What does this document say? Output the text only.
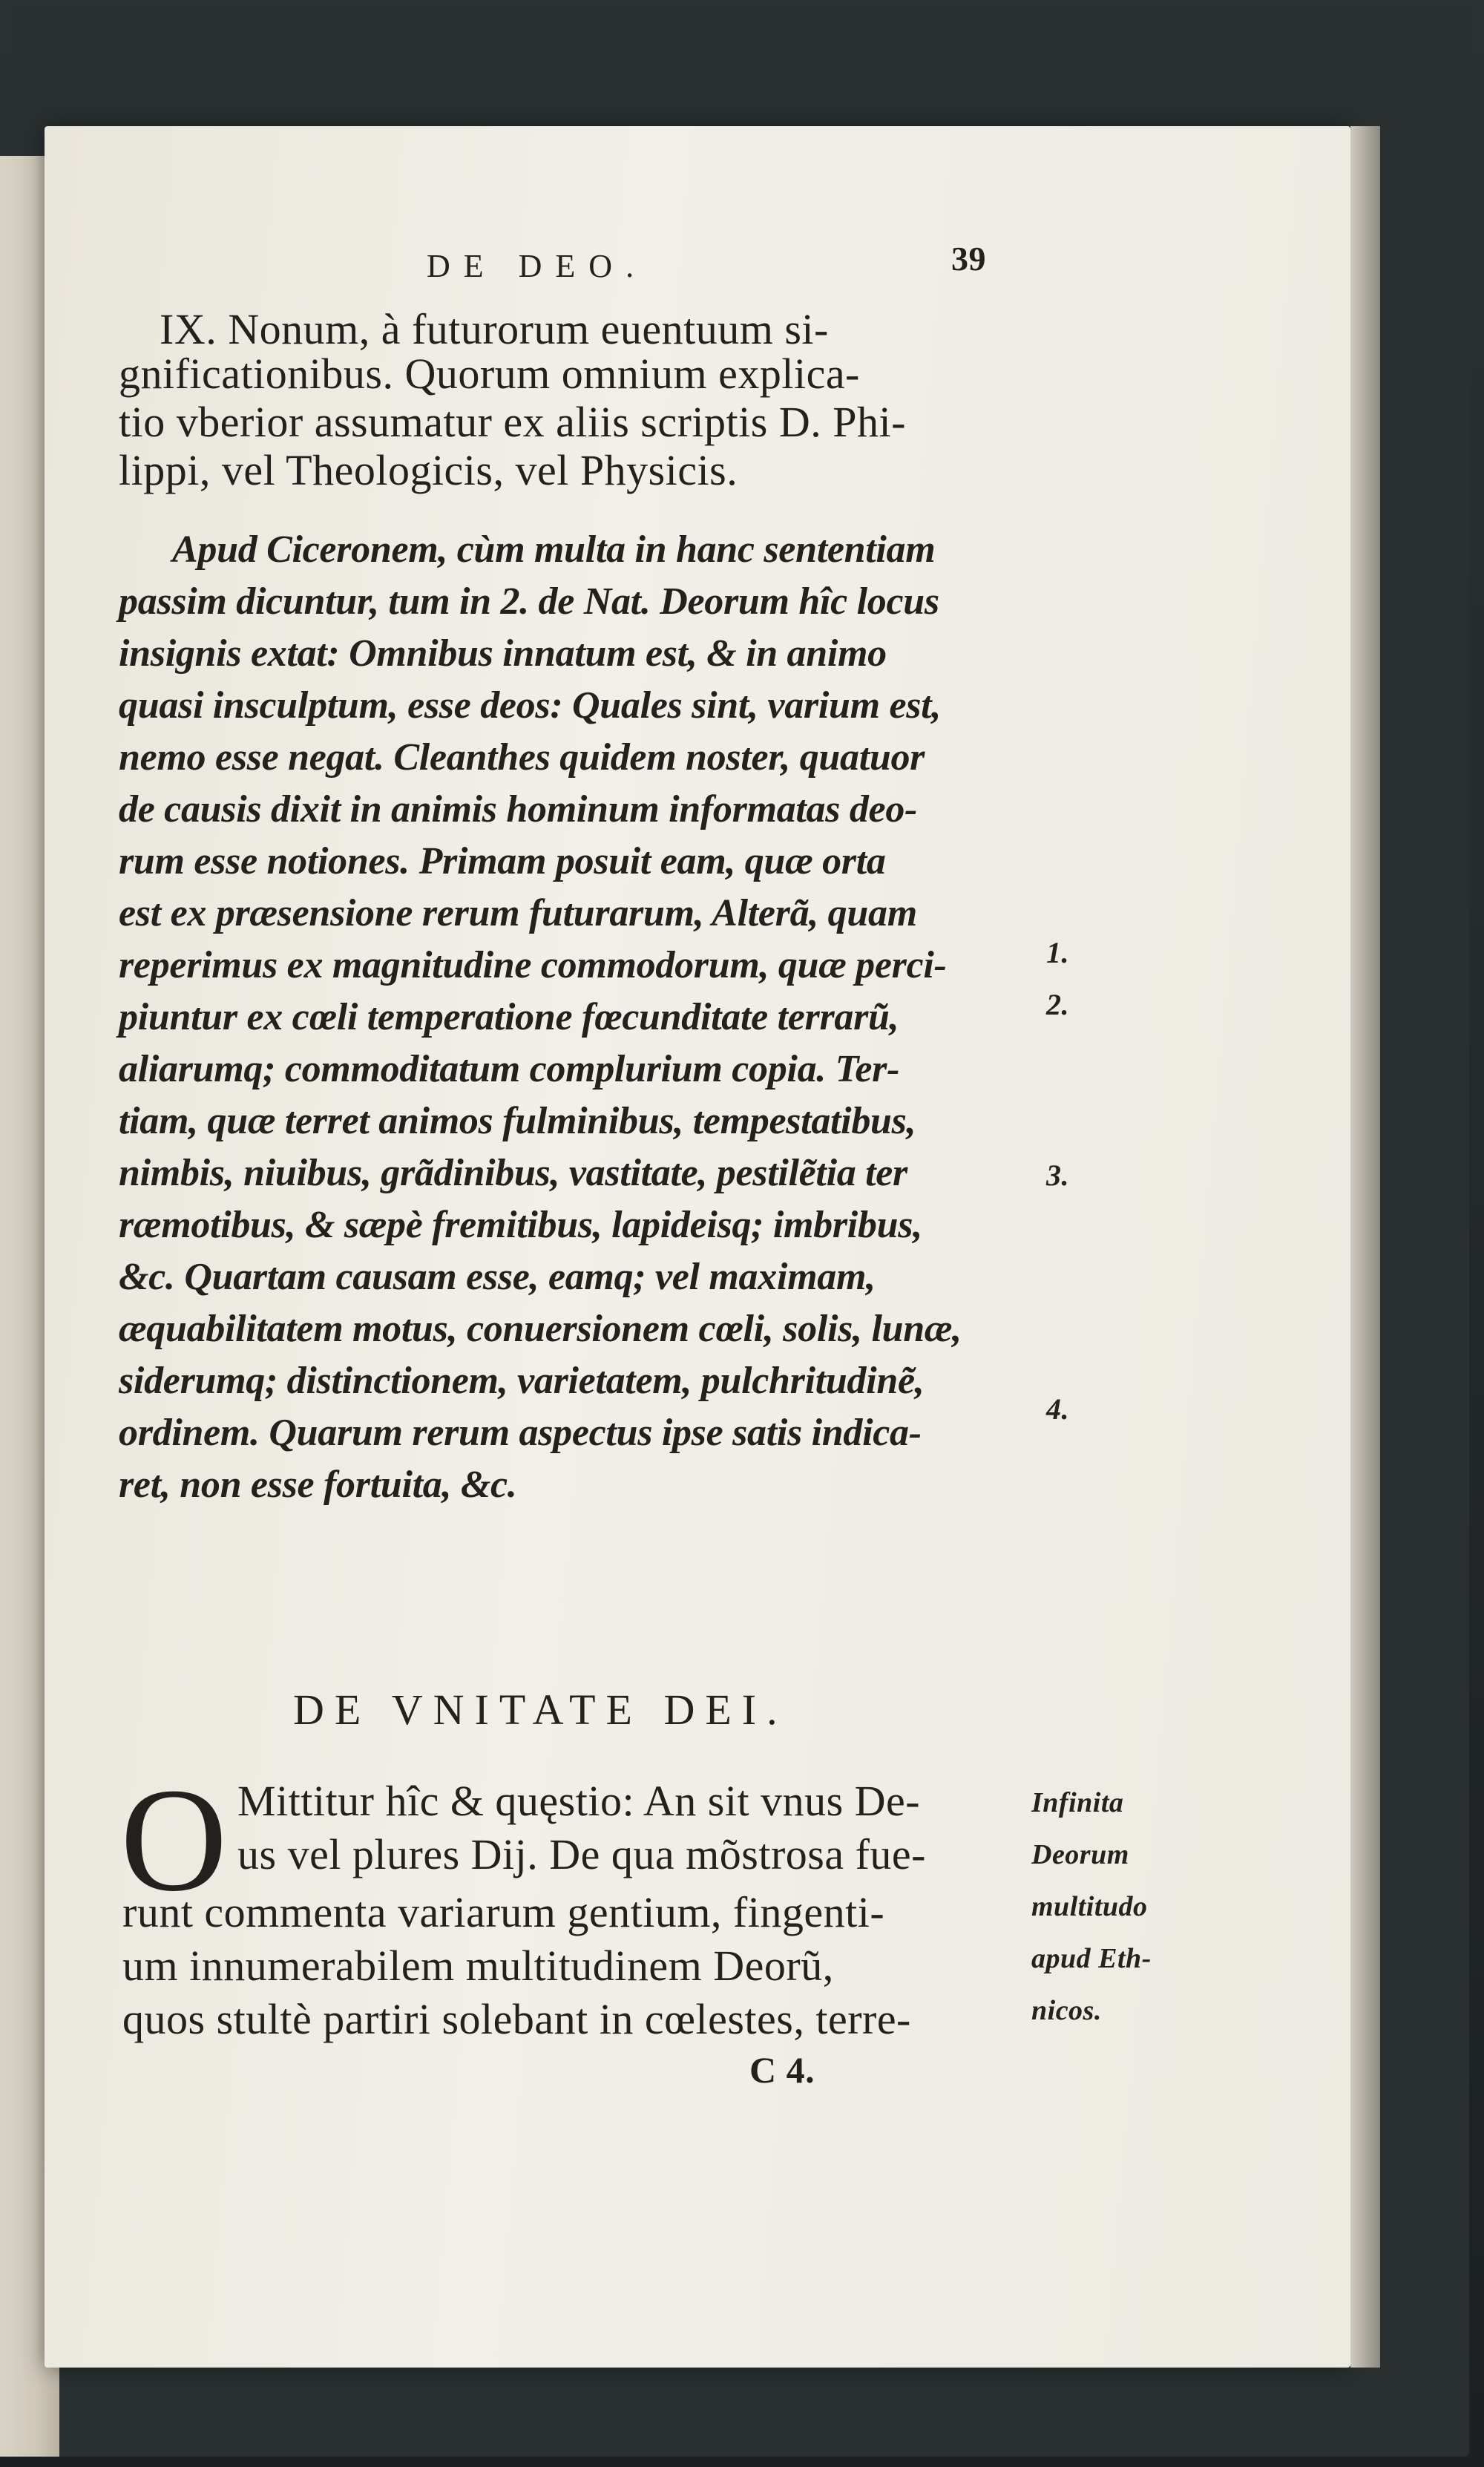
DE DEO.	39
IX. Nonum, à futurorum euentuum si-
gnificationibus. Quorum omnium explica-
tio vberior assumatur ex aliis scriptis D. Phi-
lippi, vel Theologicis, vel Physicis.
Apud Ciceronem, cùm multa in hanc sententiam
passim dicuntur, tum in 2. de Nat. Deorum hîc locus
insignis extat: Omnibus innatum est, & in animo
quasi insculptum, esse deos: Quales sint, varium est,
nemo esse negat. Cleanthes quidem noster, quatuor
de causis dixit in animis hominum informatas deo-
rum esse notiones. Primam posuit eam, quæ orta
est ex præsensione rerum futurarum, Alterã, quam
reperimus ex magnitudine commodorum, quæ perci-
piuntur ex cœli temperatione fœcunditate terrarũ,
aliarumq; commoditatum complurium copia. Ter-
tiam, quæ terret animos fulminibus, tempestatibus,
nimbis, niuibus, grãdinibus, vastitate, pestilẽtia ter
ræmotibus, & sæpè fremitibus, lapideisq; imbribus,
&c. Quartam causam esse, eamq; vel maximam,
æquabilitatem motus, conuersionem cœli, solis, lunæ,
siderumq; distinctionem, varietatem, pulchritudinẽ,
ordinem. Quarum rerum aspectus ipse satis indica-
ret, non esse fortuita, &c.
1.
2.
3.
4.
DE VNITATE DEI.
O Mittitur hîc & quęstio: An sit vnus De-
us vel plures Dij. De qua mõstrosa fue-
runt commenta variarum gentium, fingenti-
um innumerabilem multitudinem Deorũ,
quos stultè partiri solebant in cœlestes, terre-
Infinita
Deorum
multitudo
apud Eth-
nicos.
C 4.
